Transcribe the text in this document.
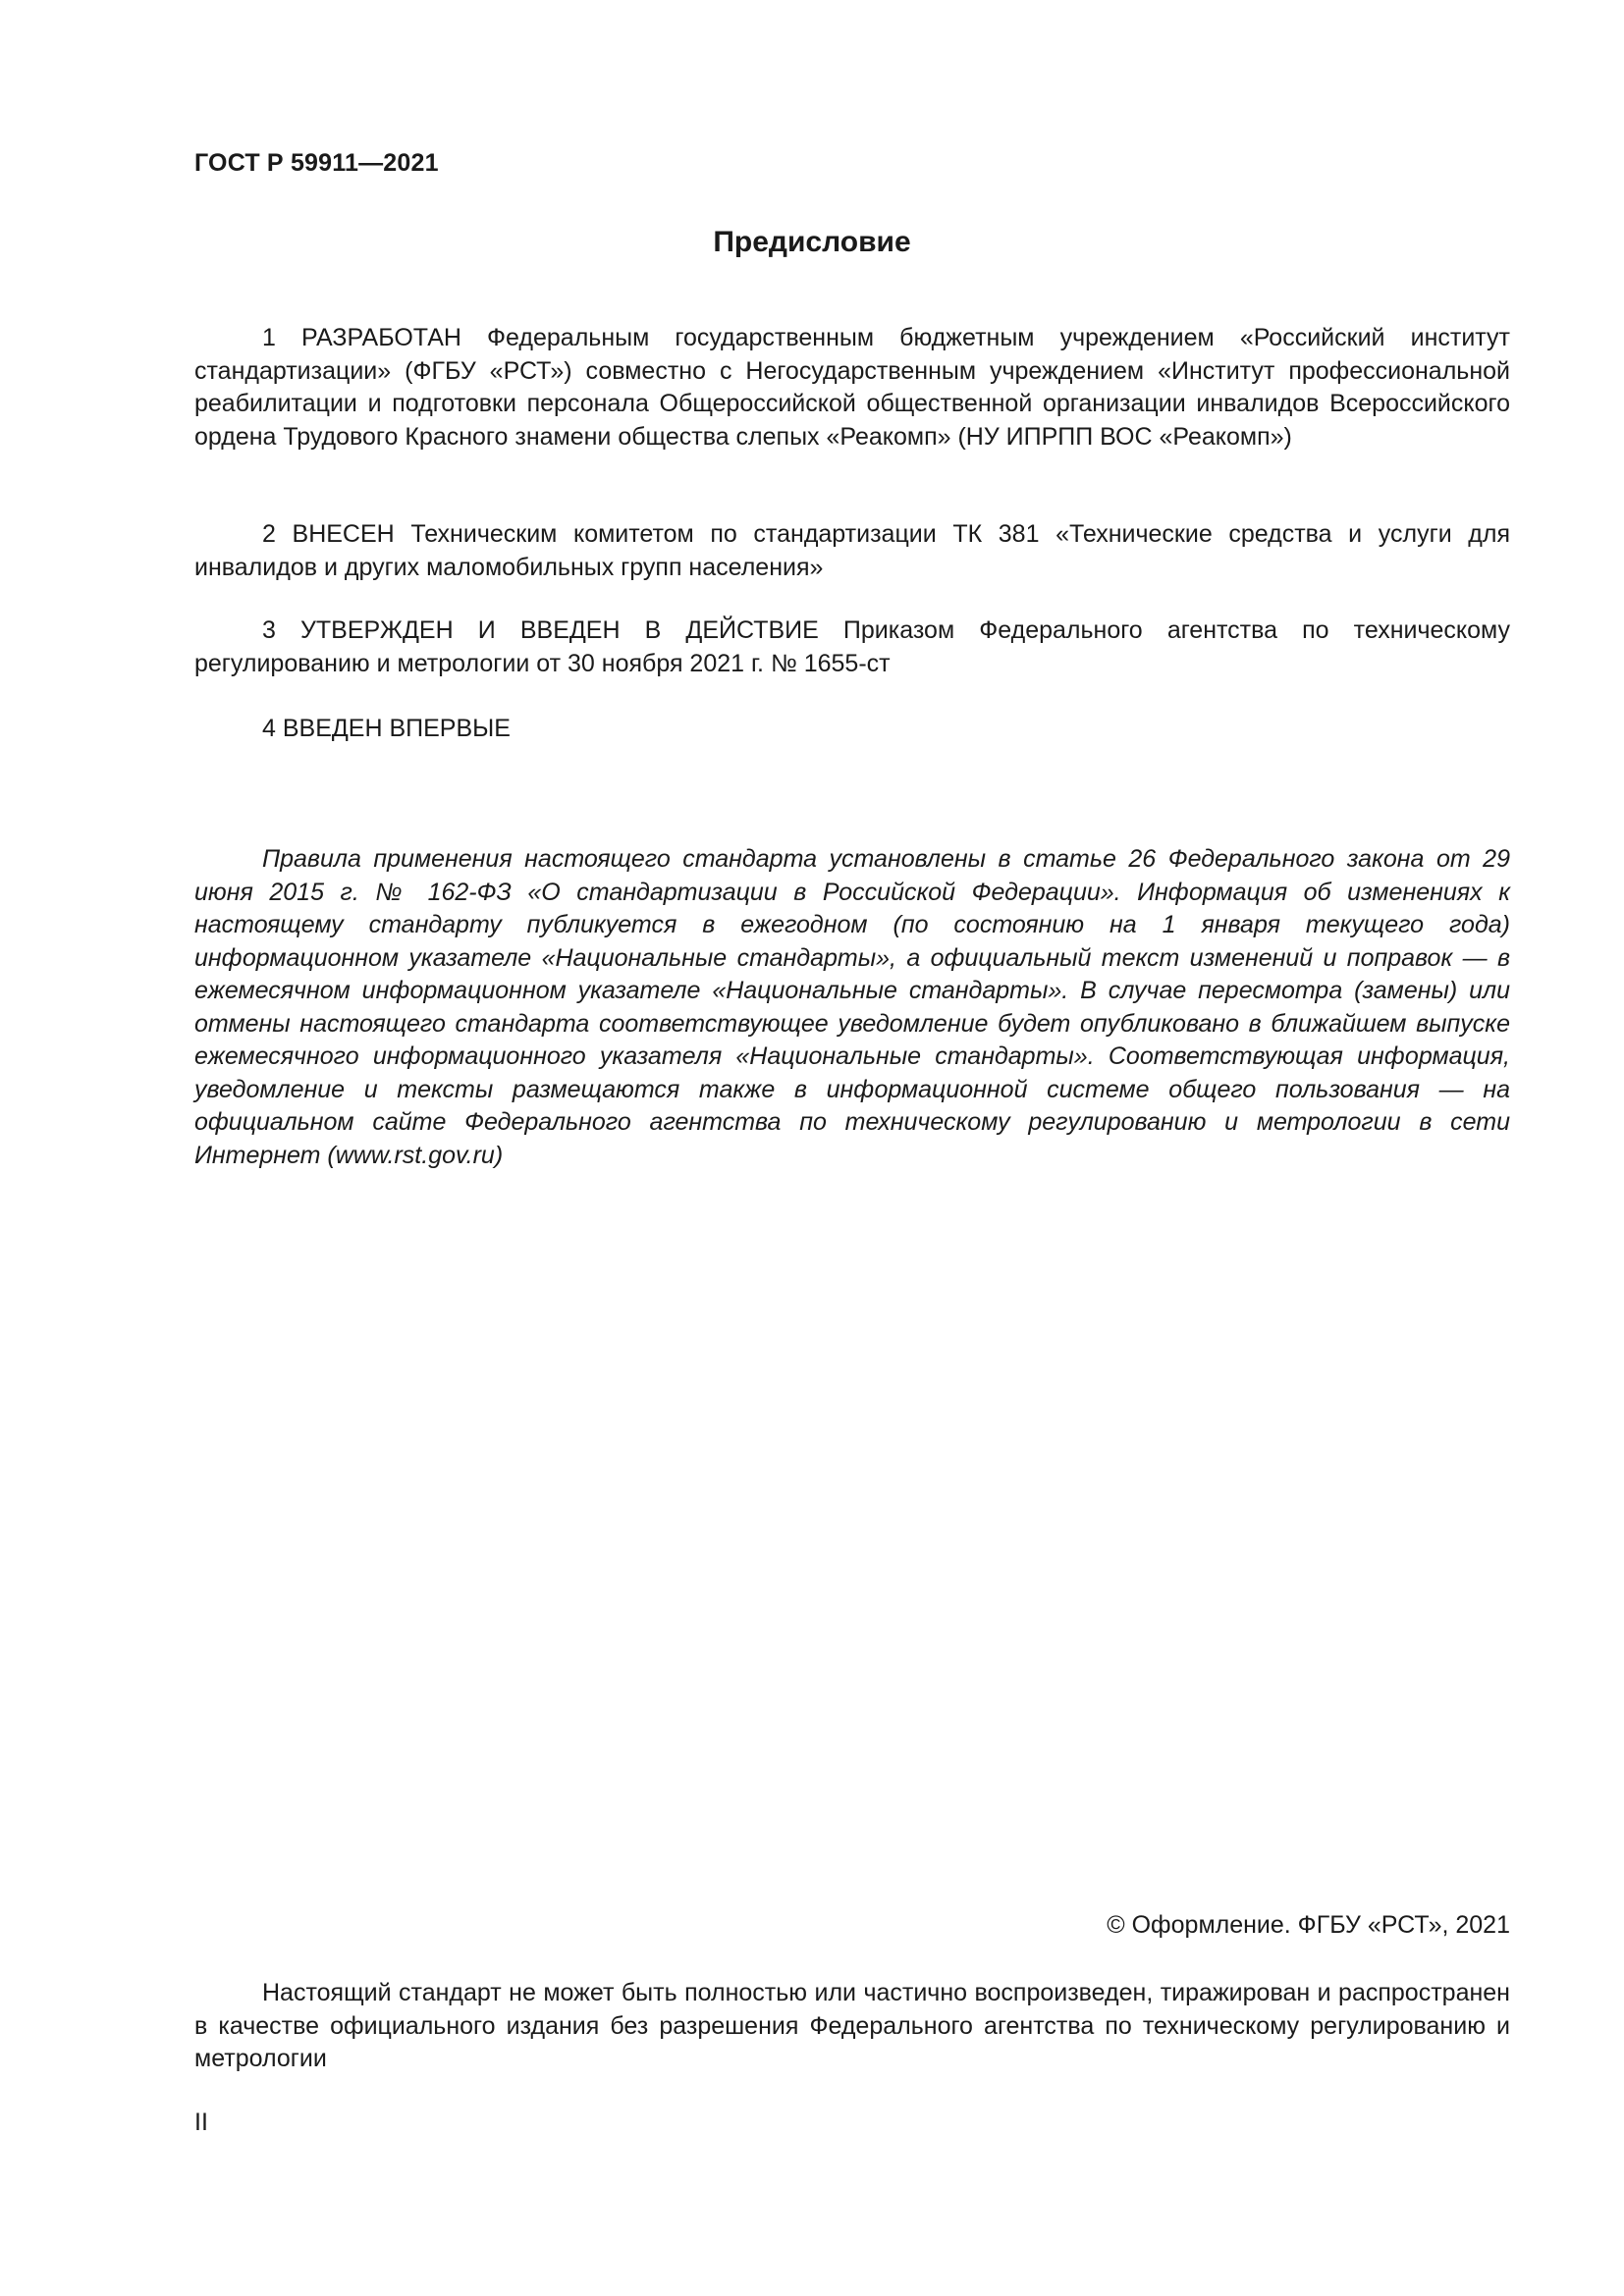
ГОСТ Р 59911—2021
Предисловие

1 РАЗРАБОТАН Федеральным государственным бюджетным учреждением «Российский институт стандартизации» (ФГБУ «РСТ») совместно с Негосударственным учреждением «Институт профессиональной реабилитации и подготовки персонала Общероссийской общественной организации инвалидов Всероссийского ордена Трудового Красного знамени общества слепых «Реакомп» (НУ ИПРПП ВОС «Реакомп»)

2 ВНЕСЕН Техническим комитетом по стандартизации ТК 381 «Технические средства и услуги для инвалидов и других маломобильных групп населения»

3 УТВЕРЖДЕН И ВВЕДЕН В ДЕЙСТВИЕ Приказом Федерального агентства по техническому регулированию и метрологии от 30 ноября 2021 г. № 1655-ст

4 ВВЕДЕН ВПЕРВЫЕ

Правила применения настоящего стандарта установлены в статье 26 Федерального закона от 29 июня 2015 г. № 162-ФЗ «О стандартизации в Российской Федерации». Информация об изменениях к настоящему стандарту публикуется в ежегодном (по состоянию на 1 января текущего года) информационном указателе «Национальные стандарты», а официальный текст изменений и поправок — в ежемесячном информационном указателе «Национальные стандарты». В случае пересмотра (замены) или отмены настоящего стандарта соответствующее уведомление будет опубликовано в ближайшем выпуске ежемесячного информационного указателя «Национальные стандарты». Соответствующая информация, уведомление и тексты размещаются также в информационной системе общего пользования — на официальном сайте Федерального агентства по техническому регулированию и метрологии в сети Интернет (www.rst.gov.ru)

© Оформление. ФГБУ «РСТ», 2021

Настоящий стандарт не может быть полностью или частично воспроизведен, тиражирован и распространен в качестве официального издания без разрешения Федерального агентства по техническому регулированию и метрологии

II
